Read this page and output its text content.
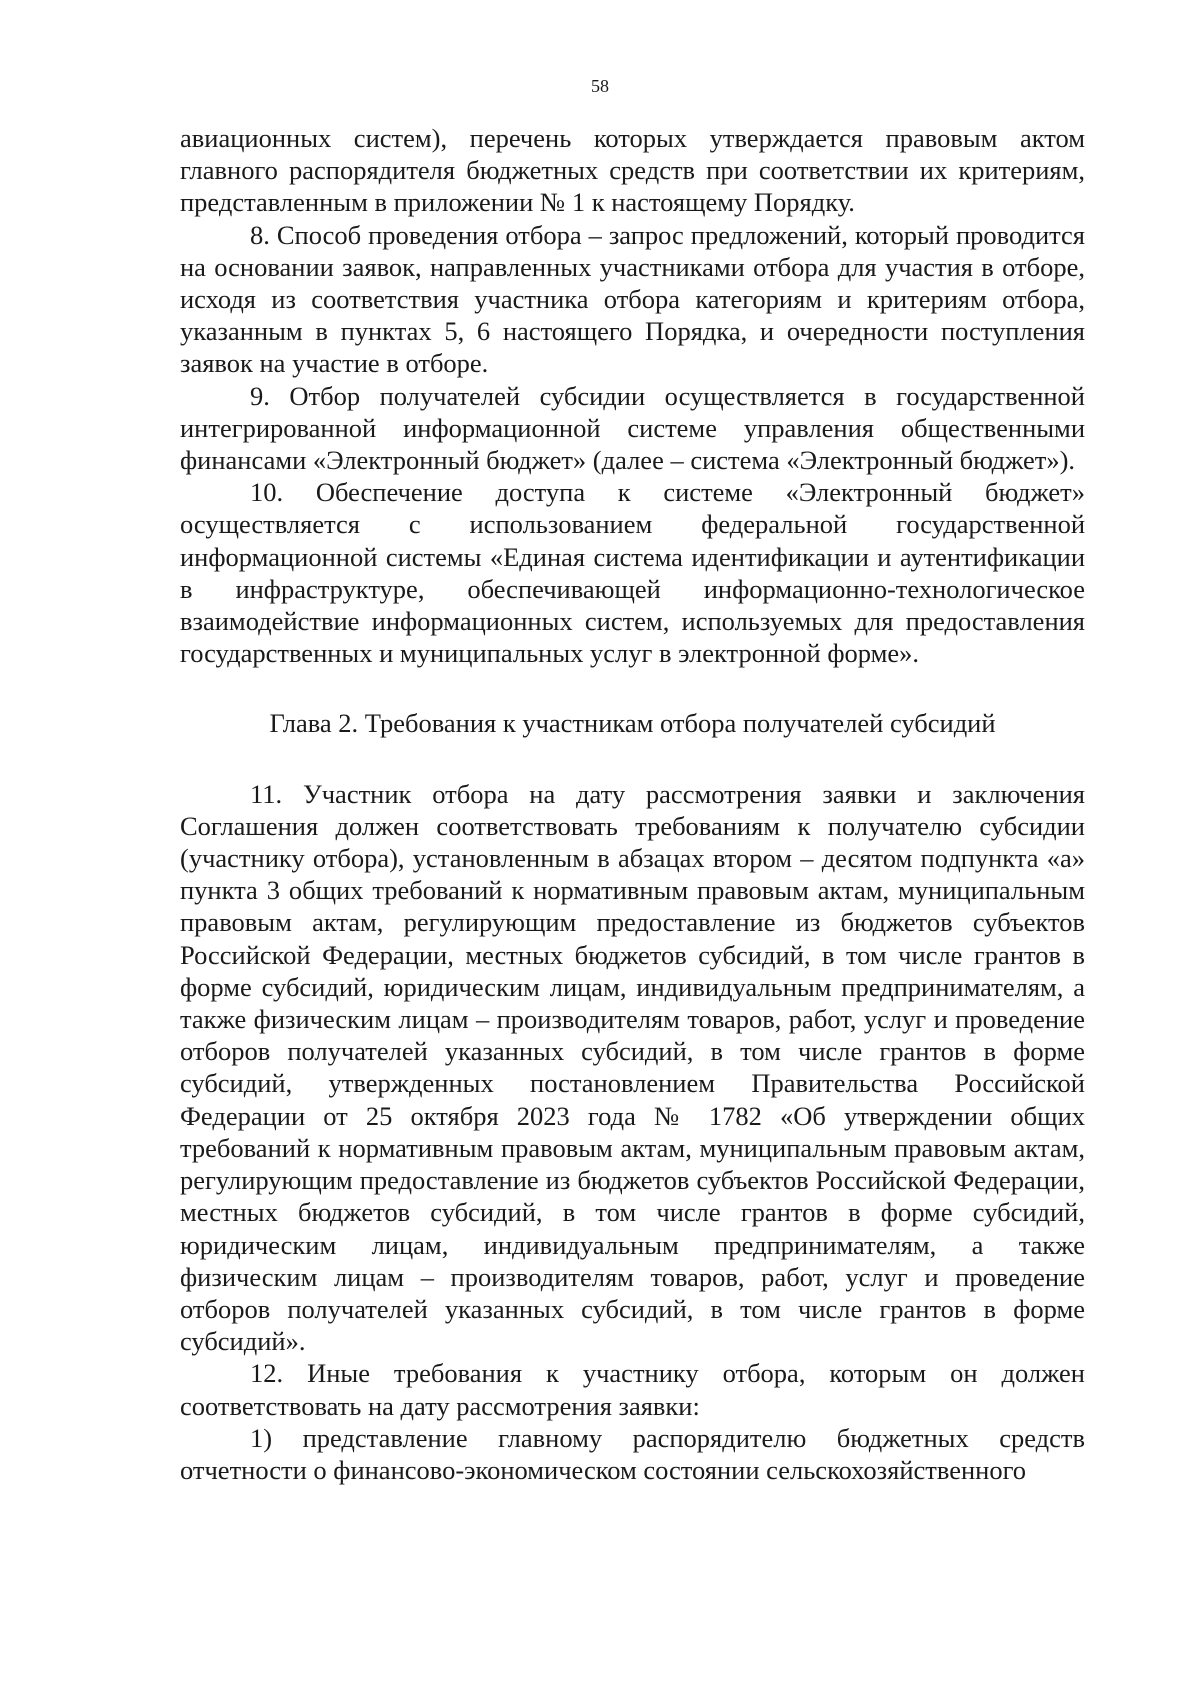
58

авиационных систем), перечень которых утверждается правовым актом главного распорядителя бюджетных средств при соответствии их критериям, представленным в приложении № 1 к настоящему Порядку.

8. Способ проведения отбора – запрос предложений, который проводится на основании заявок, направленных участниками отбора для участия в отборе, исходя из соответствия участника отбора категориям и критериям отбора, указанным в пунктах 5, 6 настоящего Порядка, и очередности поступления заявок на участие в отборе.

9. Отбор получателей субсидии осуществляется в государственной интегрированной информационной системе управления общественными финансами «Электронный бюджет» (далее – система «Электронный бюджет»).

10. Обеспечение доступа к системе «Электронный бюджет» осуществляется с использованием федеральной государственной информационной системы «Единая система идентификации и аутентификации в инфраструктуре, обеспечивающей информационно-технологическое взаимодействие информационных систем, используемых для предоставления государственных и муниципальных услуг в электронной форме».

Глава 2. Требования к участникам отбора получателей субсидий

11. Участник отбора на дату рассмотрения заявки и заключения Соглашения должен соответствовать требованиям к получателю субсидии (участнику отбора), установленным в абзацах втором – десятом подпункта «а» пункта 3 общих требований к нормативным правовым актам, муниципальным правовым актам, регулирующим предоставление из бюджетов субъектов Российской Федерации, местных бюджетов субсидий, в том числе грантов в форме субсидий, юридическим лицам, индивидуальным предпринимателям, а также физическим лицам – производителям товаров, работ, услуг и проведение отборов получателей указанных субсидий, в том числе грантов в форме субсидий, утвержденных постановлением Правительства Российской Федерации от 25 октября 2023 года № 1782 «Об утверждении общих требований к нормативным правовым актам, муниципальным правовым актам, регулирующим предоставление из бюджетов субъектов Российской Федерации, местных бюджетов субсидий, в том числе грантов в форме субсидий, юридическим лицам, индивидуальным предпринимателям, а также физическим лицам – производителям товаров, работ, услуг и проведение отборов получателей указанных субсидий, в том числе грантов в форме субсидий».

12. Иные требования к участнику отбора, которым он должен соответствовать на дату рассмотрения заявки:

1) представление главному распорядителю бюджетных средств отчетности о финансово-экономическом состоянии сельскохозяйственного
